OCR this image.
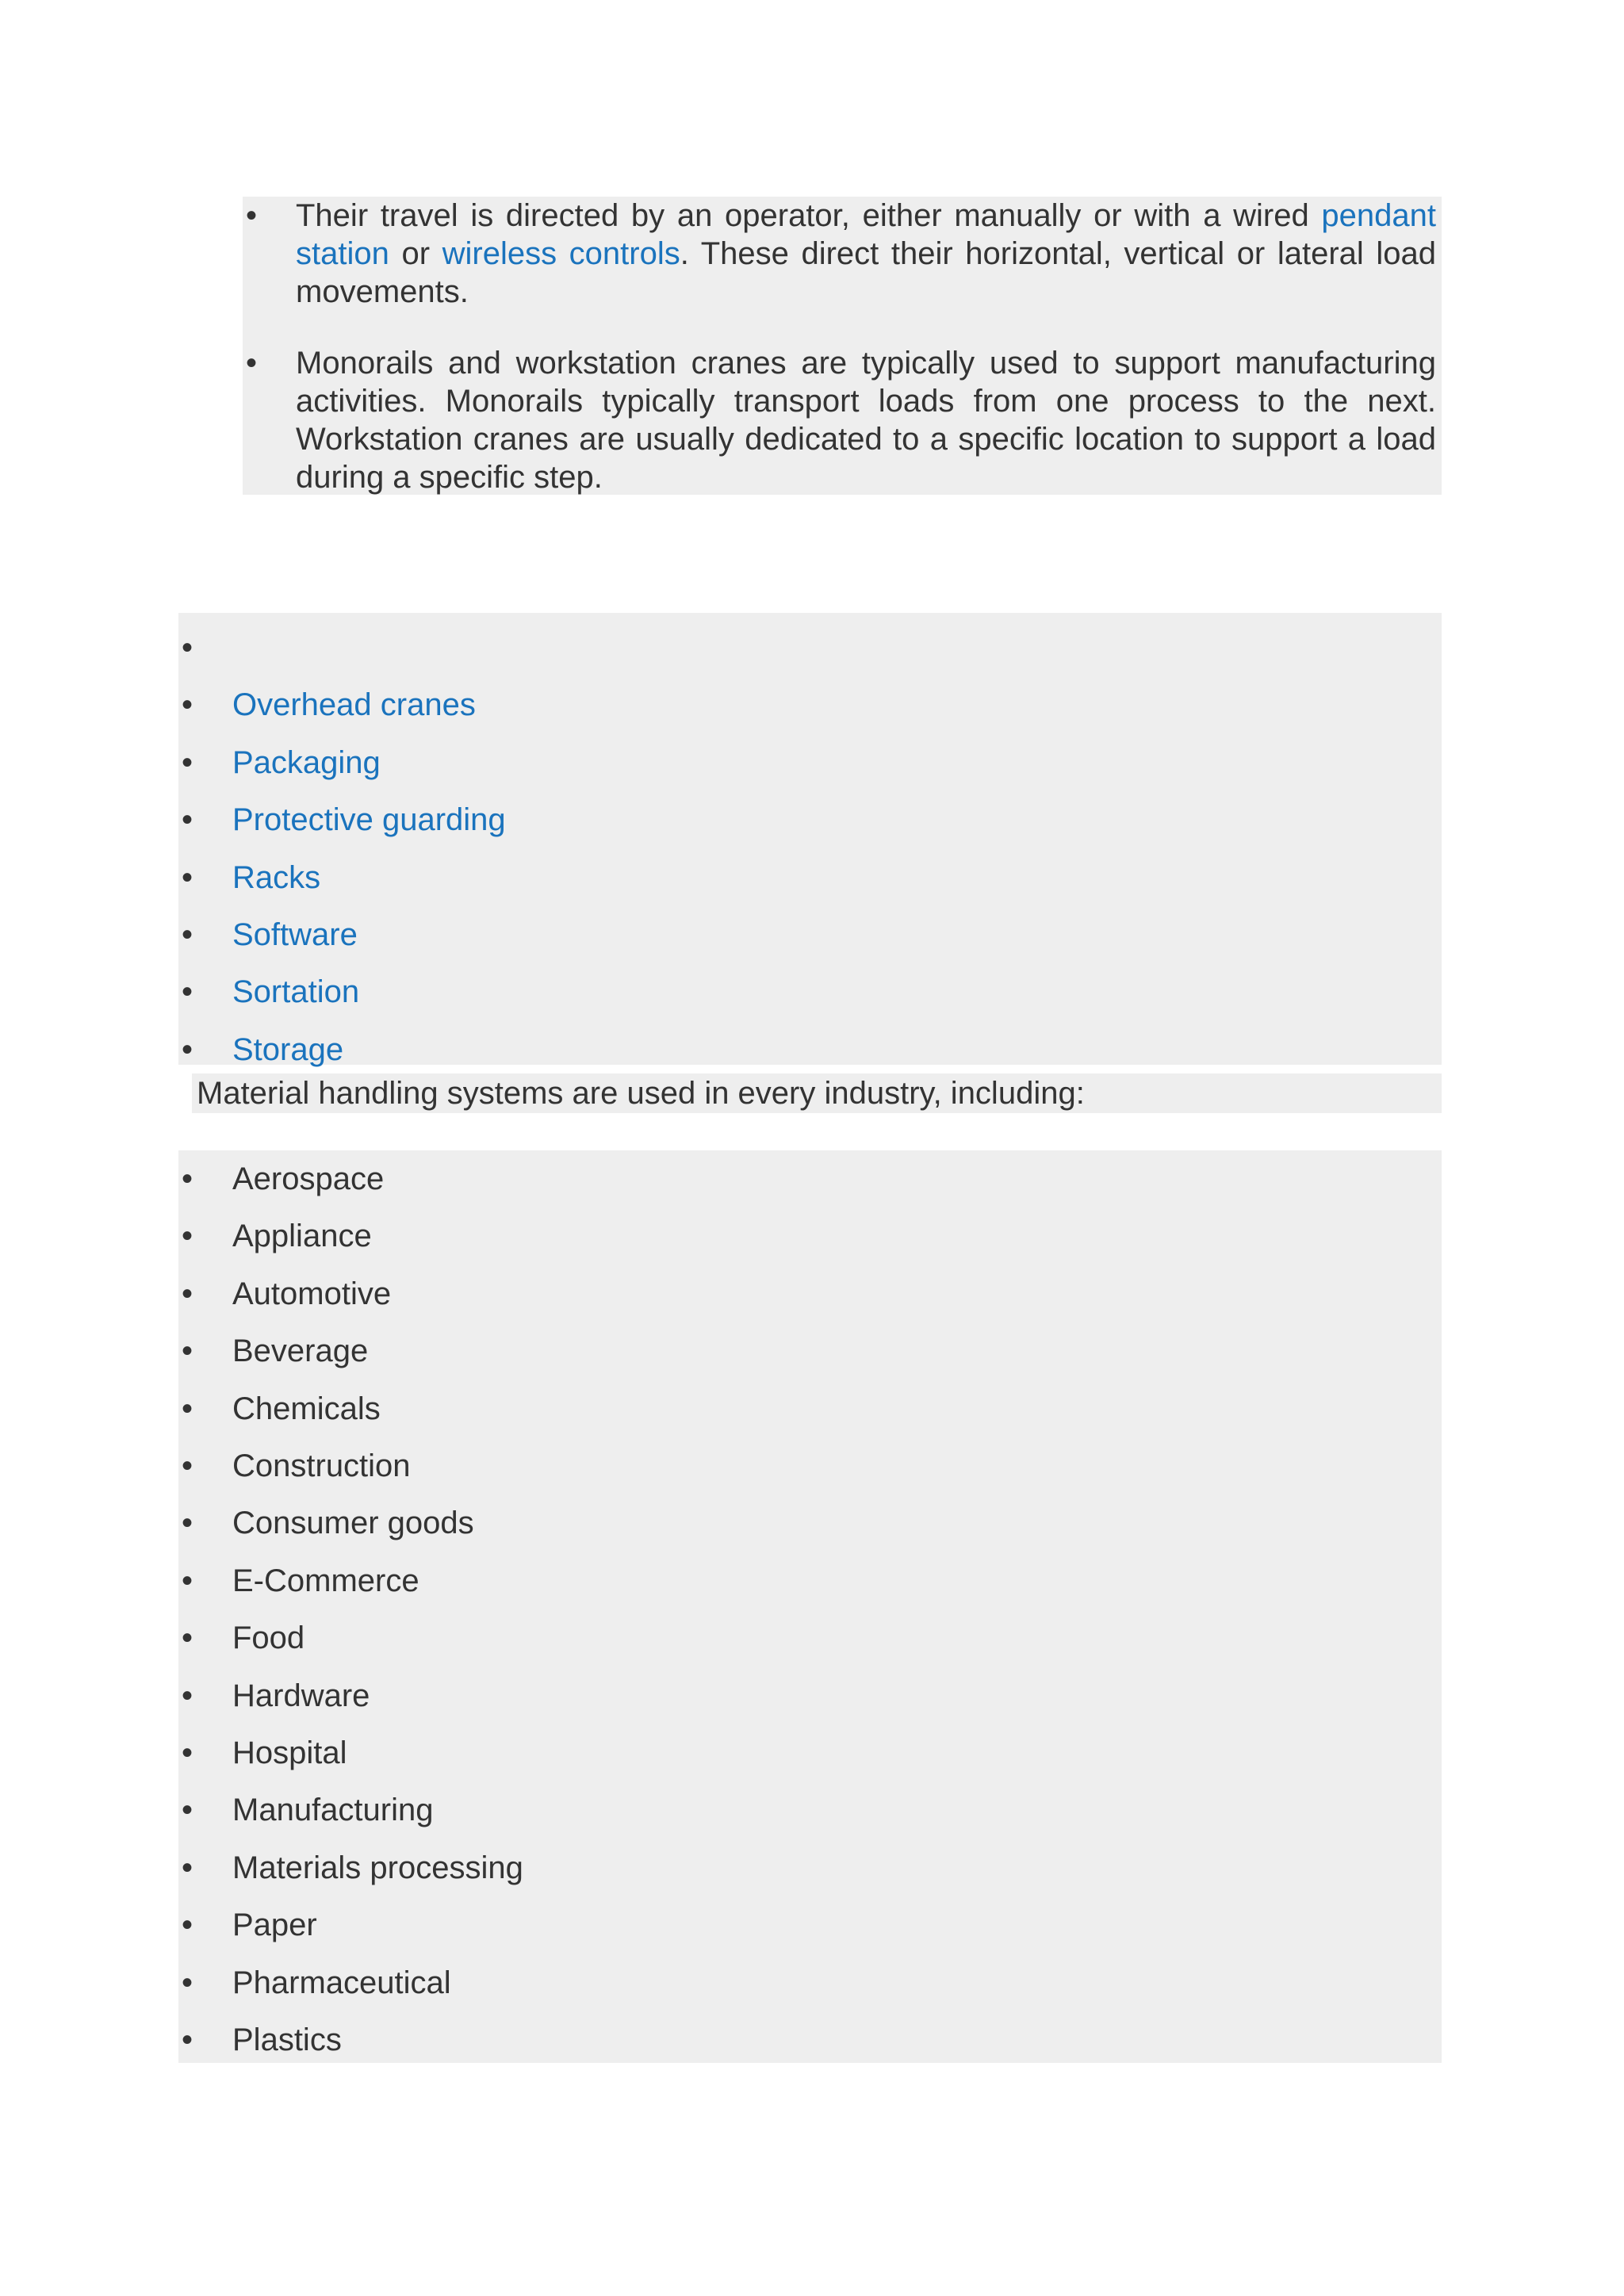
• Their travel is directed by an operator, either manually or with a wired pendant station or wireless controls. These direct their horizontal, vertical or lateral load movements.
• Monorails and workstation cranes are typically used to support manufacturing activities. Monorails typically transport loads from one process to the next. Workstation cranes are usually dedicated to a specific location to support a load during a specific step.
•
• Overhead cranes
• Packaging
• Protective guarding
• Racks
• Software
• Sortation
• Storage
Material handling systems are used in every industry, including:
• Aerospace
• Appliance
• Automotive
• Beverage
• Chemicals
• Construction
• Consumer goods
• E-Commerce
• Food
• Hardware
• Hospital
• Manufacturing
• Materials processing
• Paper
• Pharmaceutical
• Plastics
